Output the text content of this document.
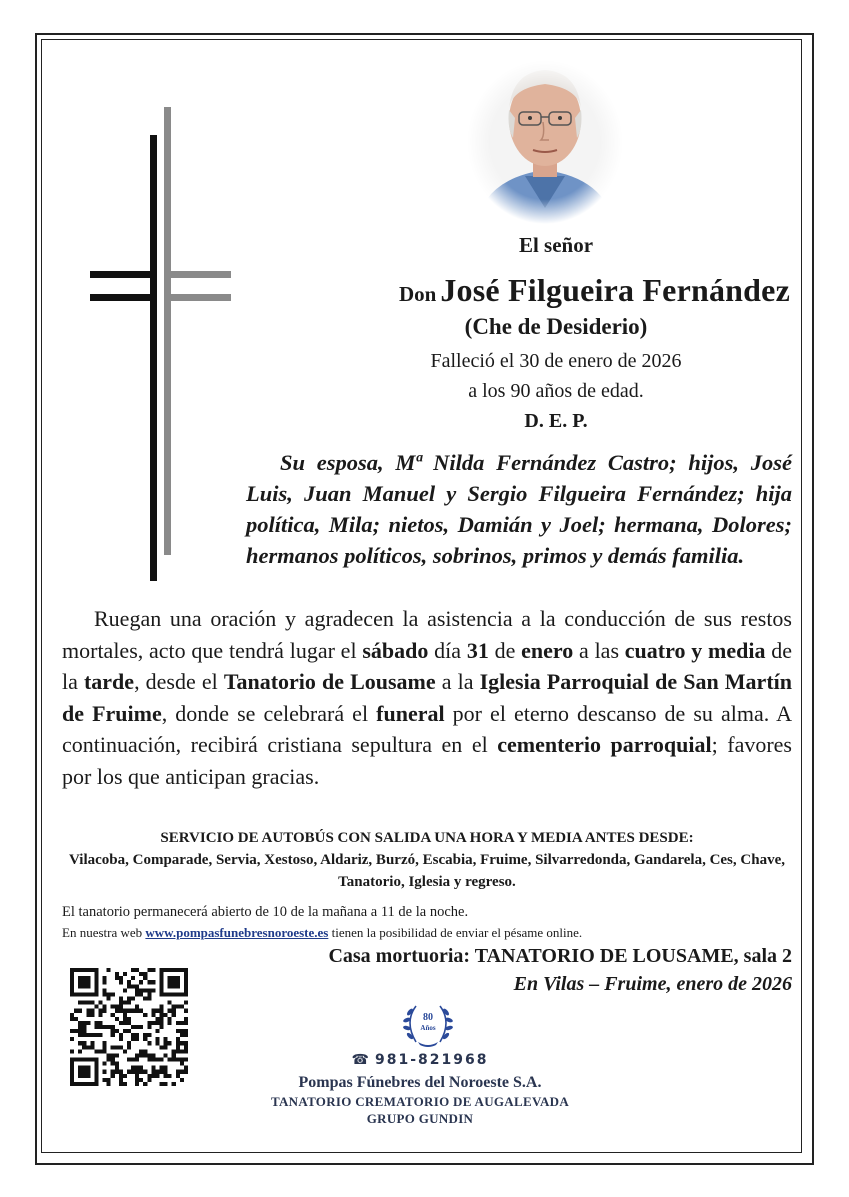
El señor
Don José Filgueira Fernández
(Che de Desiderio)
Falleció el 30 de enero de 2026
a los 90 años de edad.
D. E. P.
Su esposa, Mª Nilda Fernández Castro; hijos, José Luis, Juan Manuel y Sergio Filgueira Fernández; hija política, Mila; nietos, Damián y Joel; hermana, Dolores; hermanos políticos, sobrinos, primos y demás familia.
Ruegan una oración y agradecen la asistencia a la conducción de sus restos mortales, acto que tendrá lugar el sábado día 31 de enero a las cuatro y media de la tarde, desde el Tanatorio de Lousame a la Iglesia Parroquial de San Martín de Fruime, donde se celebrará el funeral por el eterno descanso de su alma. A continuación, recibirá cristiana sepultura en el cementerio parroquial; favores por los que anticipan gracias.
SERVICIO DE AUTOBÚS CON SALIDA UNA HORA Y MEDIA ANTES DESDE:
Vilacoba, Comparade, Servia, Xestoso, Aldariz, Burzó, Escabia, Fruime, Silvarredonda, Gandarela, Ces, Chave, Tanatorio, Iglesia y regreso.
El tanatorio permanecerá abierto de 10 de la mañana a 11 de la noche.
En nuestra web www.pompasfunebresnoroeste.es tienen la posibilidad de enviar el pésame online.
Casa mortuoria: TANATORIO DE LOUSAME, sala 2
En Vilas – Fruime, enero de 2026
80
Años
☎ 981-821968
Pompas Fúnebres del Noroeste S.A.
TANATORIO CREMATORIO DE AUGALEVADA
GRUPO GUNDIN
